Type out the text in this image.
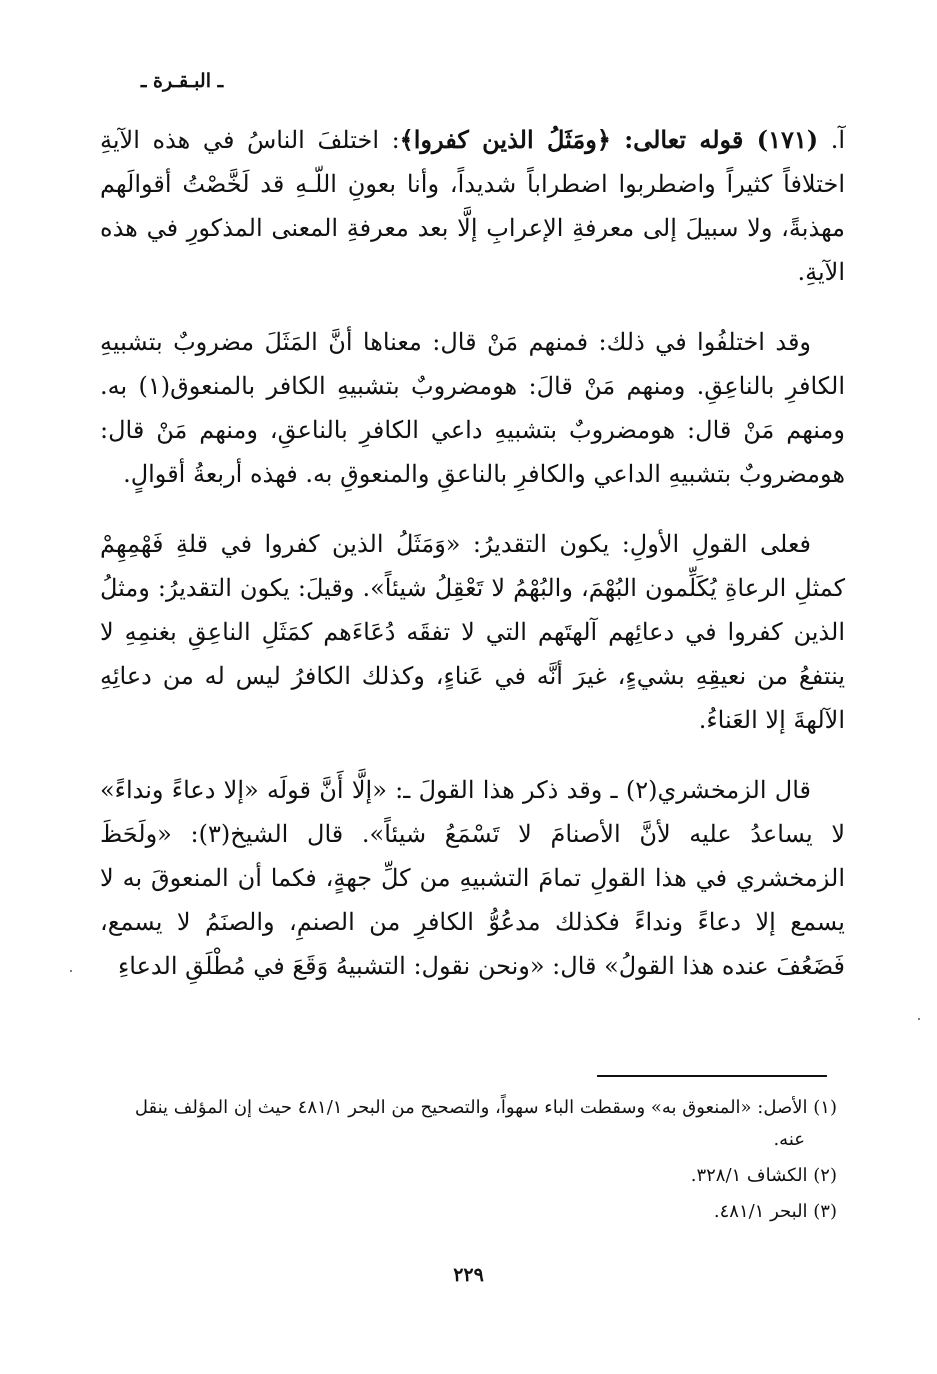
ـ البـقـرة ـ

آ. (١٧١) قوله تعالى: ﴿ومَثَلُ الذين كفروا﴾: اختلفَ الناسُ في هذه الآيةِ اختلافاً كثيراً واضطربوا اضطراباً شديداً، وأنا بعونِ اللّـهِ قد لَخَّصْتُ أقوالَهم مهذبةً، ولا سبيلَ إلى معرفةِ الإعرابِ إلَّا بعد معرفةِ المعنى المذكورِ في هذه الآيةِ.

وقد اختلفُوا في ذلك: فمنهم مَنْ قال: معناها أنَّ المَثَلَ مضروبٌ بتشبيهِ الكافرِ بالناعِقِ. ومنهم مَنْ قالَ: هومضروبٌ بتشبيهِ الكافر بالمنعوق(١) به. ومنهم مَنْ قال: هومضروبٌ بتشبيهِ داعي الكافرِ بالناعقِ، ومنهم مَنْ قال: هومضروبٌ بتشبيهِ الداعي والكافرِ بالناعقِ والمنعوقِ به. فهذه أربعةُ أقوالٍ.

فعلى القولِ الأولِ: يكون التقديرُ: «وَمَثَلُ الذين كفروا في قلةِ فَهْمِهِمْ كمثلِ الرعاةِ يُكَلِّمون البُهْمَ، والبُهْمُ لا تَعْقِلُ شيئاً». وقيلَ: يكون التقديرُ: ومثلُ الذين كفروا في دعائِهم آلهتَهم التي لا تفقَه دُعَاءَهم كمَثَلِ الناعِقِ بغنمِهِ لا ينتفعُ من نعيقِهِ بشيءٍ، غيرَ أنَّه في عَناءٍ، وكذلك الكافرُ ليس له من دعائِهِ الآلهةَ إلا العَناءُ.

قال الزمخشري(٢) ـ وقد ذكر هذا القولَ ـ: «إلَّا أَنَّ قولَه «إلا دعاءً ونداءً» لا يساعدُ عليه لأنَّ الأصنامَ لا تَسْمَعُ شيئاً». قال الشيخ(٣): «ولَحَظَ الزمخشري في هذا القولِ تمامَ التشبيهِ من كلِّ جهةٍ، فكما أن المنعوقَ به لا يسمع إلا دعاءً ونداءً فكذلك مدعُوُّ الكافرِ من الصنمِ، والصنَمُ لا يسمع، فَضَعُفَ عنده هذا القولُ» قال: «ونحن نقول: التشبيهُ وَقَعَ في مُطْلَقِ الدعاءِ

(١) الأصل: «المنعوق به» وسقطت الباء سهواً، والتصحيح من البحر ٤٨١/١ حيث إن المؤلف ينقل عنه.

(٢) الكشاف ٣٢٨/١.

(٣) البحر ٤٨١/١.

٢٢٩
